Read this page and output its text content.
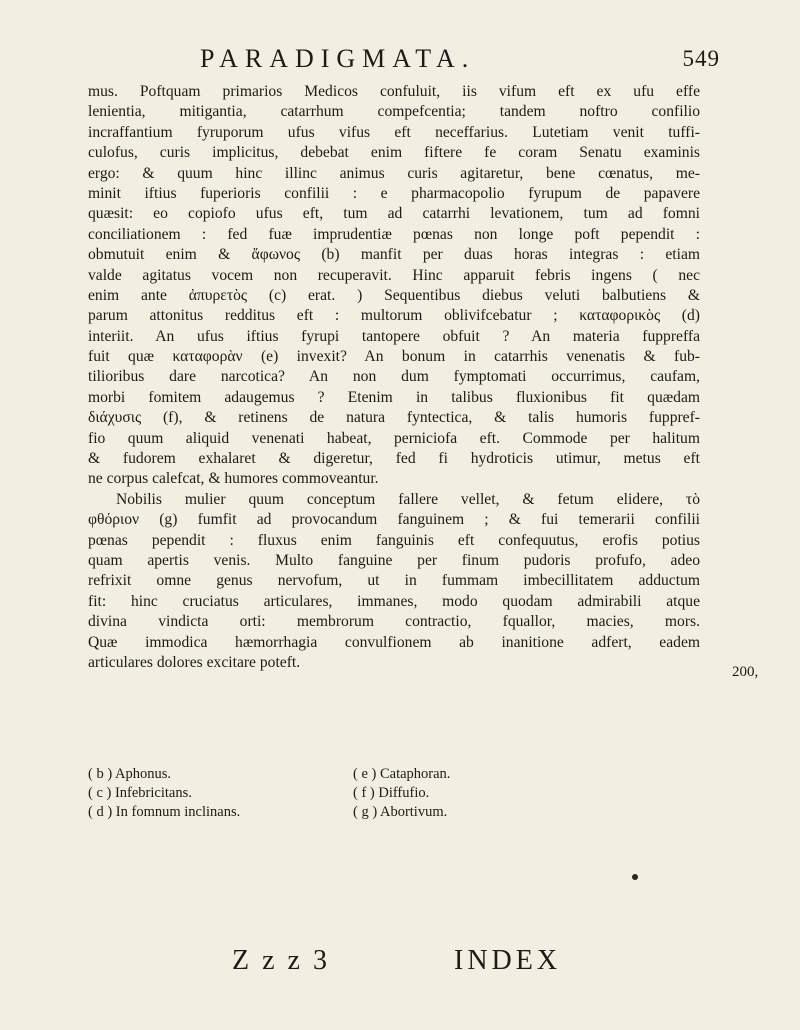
PARADIGMATA.	549
mus. Poftquam primarios Medicos confuluit, iis vifum eft ex ufu effe
lenientia, mitigantia, catarrhum compefcentia; tandem noftro confilio
incraffantium fyruporum ufus vifus eft neceffarius. Lutetiam venit tuffi-
culofus, curis implicitus, debebat enim fiftere fe coram Senatu examinis
ergo: & quum hinc illinc animus curis agitaretur, bene cœnatus, me-
minit iftius fuperioris confilii : e pharmacopolio fyrupum de papavere
quæsit: eo copiofo ufus eft, tum ad catarrhi levationem, tum ad fomni
conciliationem : fed fuæ imprudentiæ pœnas non longe poft pependit :
obmutuit enim & ἄφωνος (b) manfit per duas horas integras : etiam
valde agitatus vocem non recuperavit. Hinc apparuit febris ingens ( nec
enim ante ἀπυρετὸς (c) erat. ) Sequentibus diebus veluti balbutiens &
parum attonitus redditus eft : multorum oblivifcebatur ; καταφορικὸς (d)
interiit. An ufus iftius fyrupi tantopere obfuit ? An materia fuppreffa
fuit quæ καταφορὰν (e) invexit? An bonum in catarrhis venenatis & fub-
tilioribus dare narcotica? An non dum fymptomati occurrimus, caufam,
morbi fomitem adaugemus ? Etenim in talibus fluxionibus fit quædam
διάχυσις (f), & retinens de natura fyntectica, & talis humoris fuppref-
fio quum aliquid venenati habeat, perniciofa eft. Commode per halitum
& fudorem exhalaret & digeretur, fed fi hydroticis utimur, metus eft
ne corpus calefcat, & humores commoveantur.
Nobilis mulier quum conceptum fallere vellet, & fetum elidere, τὸ
φθόριον (g) fumfit ad provocandum fanguinem ; & fui temerarii confilii
pœnas pependit : fluxus enim fanguinis eft confequutus, erofis potius
quam apertis venis. Multo fanguine per finum pudoris profufo, adeo
refrixit omne genus nervofum, ut in fummam imbecillitatem adductum
fit: hinc cruciatus articulares, immanes, modo quodam admirabili atque
divina vindicta orti: membrorum contractio, fquallor, macies, mors.
Quæ immodica hæmorrhagia convulfionem ab inanitione adfert, eadem
articulares dolores excitare poteft.
200,
( b ) Aphonus.
( c ) Infebricitans.
( d ) In fomnum inclinans.
( e ) Cataphoran.
( f ) Diffufio.
( g ) Abortivum.
Z z z 3	INDEX
